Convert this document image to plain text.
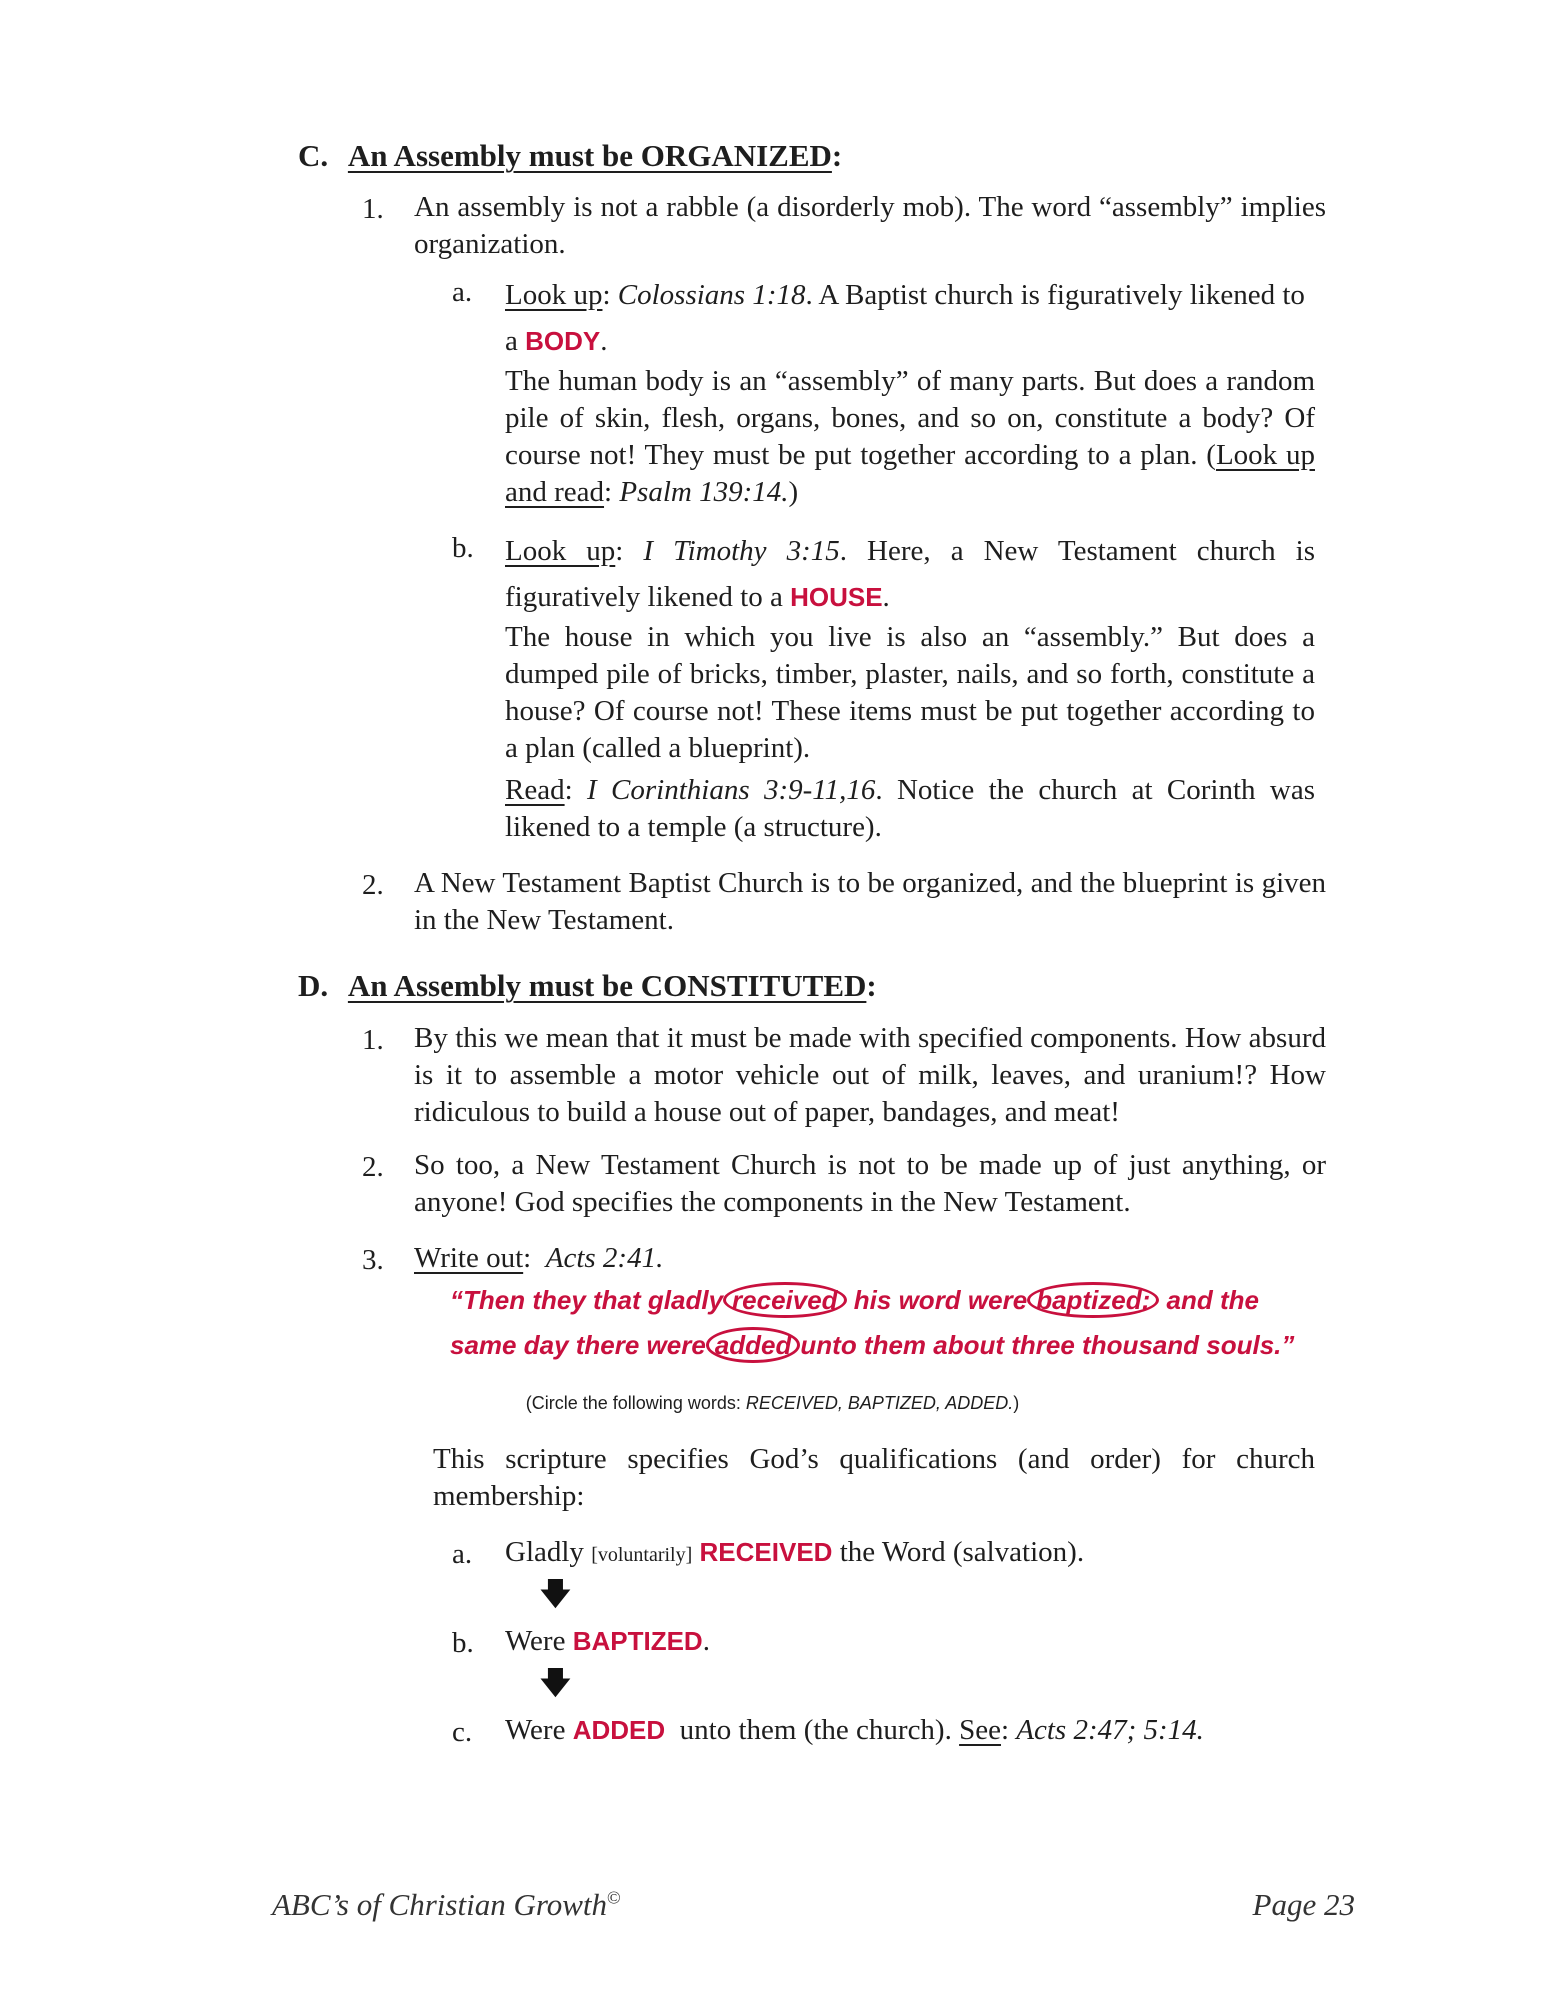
C. An Assembly must be ORGANIZED:
1. An assembly is not a rabble (a disorderly mob). The word “assembly” implies organization.
a. Look up: Colossians 1:18. A Baptist church is figuratively likened to a BODY.
The human body is an “assembly” of many parts. But does a random pile of skin, flesh, organs, bones, and so on, constitute a body? Of course not! They must be put together according to a plan. (Look up and read: Psalm 139:14.)
b. Look up: I Timothy 3:15. Here, a New Testament church is figuratively likened to a HOUSE.
The house in which you live is also an “assembly.” But does a dumped pile of bricks, timber, plaster, nails, and so forth, constitute a house? Of course not! These items must be put together according to a plan (called a blueprint).
Read: I Corinthians 3:9-11,16. Notice the church at Corinth was likened to a temple (a structure).
2. A New Testament Baptist Church is to be organized, and the blueprint is given in the New Testament.
D. An Assembly must be CONSTITUTED:
1. By this we mean that it must be made with specified components. How absurd is it to assemble a motor vehicle out of milk, leaves, and uranium!? How ridiculous to build a house out of paper, bandages, and meat!
2. So too, a New Testament Church is not to be made up of just anything, or anyone! God specifies the components in the New Testament.
3. Write out:  Acts 2:41.
“Then they that gladly received his word were baptized: and the
same day there were added unto them about three thousand souls.”
(Circle the following words: RECEIVED, BAPTIZED, ADDED.)
This scripture specifies God’s qualifications (and order) for church membership:
a. Gladly [voluntarily] RECEIVED the Word (salvation).
🡇
b. Were BAPTIZED.
🡇
c. Were ADDED unto them (the church). See: Acts 2:47; 5:14.
ABC’s of Christian Growth©	Page 23
